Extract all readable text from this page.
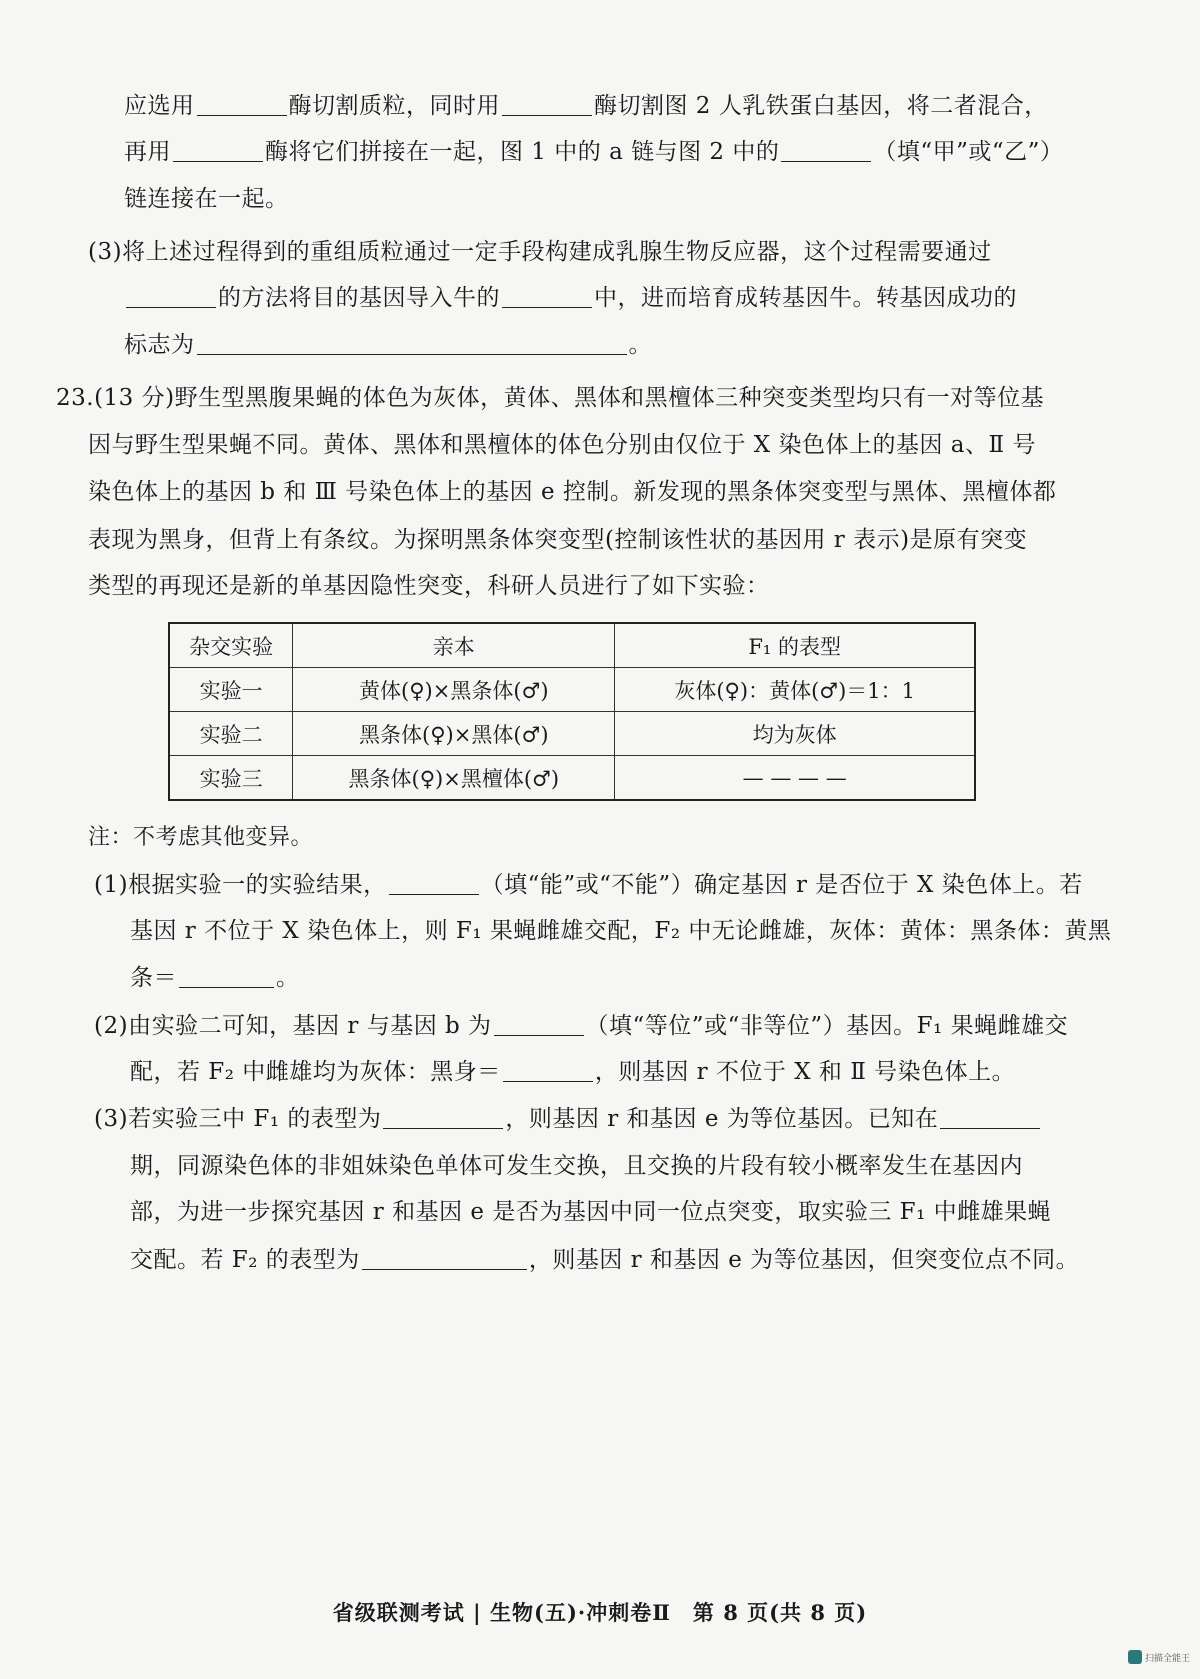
应选用	酶切割质粒，同时用	酶切割图 2 人乳铁蛋白基因，将二者混合，
再用	酶将它们拼接在一起，图 1 中的 a 链与图 2 中的	（填“甲”或“乙”）
链连接在一起。
(3)将上述过程得到的重组质粒通过一定手段构建成乳腺生物反应器，这个过程需要通过
的方法将目的基因导入牛的	中，进而培育成转基因牛。转基因成功的
标志为	。
23.(13 分)野生型黑腹果蝇的体色为灰体，黄体、黑体和黑檀体三种突变类型均只有一对等位基
因与野生型果蝇不同。黄体、黑体和黑檀体的体色分别由仅位于 X 染色体上的基因 a、Ⅱ 号
染色体上的基因 b 和 Ⅲ 号染色体上的基因 e 控制。新发现的黑条体突变型与黑体、黑檀体都
表现为黑身，但背上有条纹。为探明黑条体突变型(控制该性状的基因用 r 表示)是原有突变
类型的再现还是新的单基因隐性突变，科研人员进行了如下实验：
杂交实验	亲本	F₁ 的表型
实验一	黄体(♀)×黑条体(♂)	灰体(♀)：黄体(♂)＝1：1
实验二	黑条体(♀)×黑体(♂)	均为灰体
实验三	黑条体(♀)×黑檀体(♂)	— — — —
注：不考虑其他变异。
(1)根据实验一的实验结果，	（填“能”或“不能”）确定基因 r 是否位于 X 染色体上。若
基因 r 不位于 X 染色体上，则 F₁ 果蝇雌雄交配，F₂ 中无论雌雄，灰体：黄体：黑条体：黄黑
条＝	。
(2)由实验二可知，基因 r 与基因 b 为	（填“等位”或“非等位”）基因。F₁ 果蝇雌雄交
配，若 F₂ 中雌雄均为灰体：黑身＝	，则基因 r 不位于 X 和 Ⅱ 号染色体上。
(3)若实验三中 F₁ 的表型为	，则基因 r 和基因 e 为等位基因。已知在
期，同源染色体的非姐妹染色单体可发生交换，且交换的片段有较小概率发生在基因内
部，为进一步探究基因 r 和基因 e 是否为基因中同一位点突变，取实验三 F₁ 中雌雄果蝇
交配。若 F₂ 的表型为	，则基因 r 和基因 e 为等位基因，但突变位点不同。
省级联测考试 | 生物(五)·冲刺卷Ⅱ　第 8 页(共 8 页)
扫描全能王
